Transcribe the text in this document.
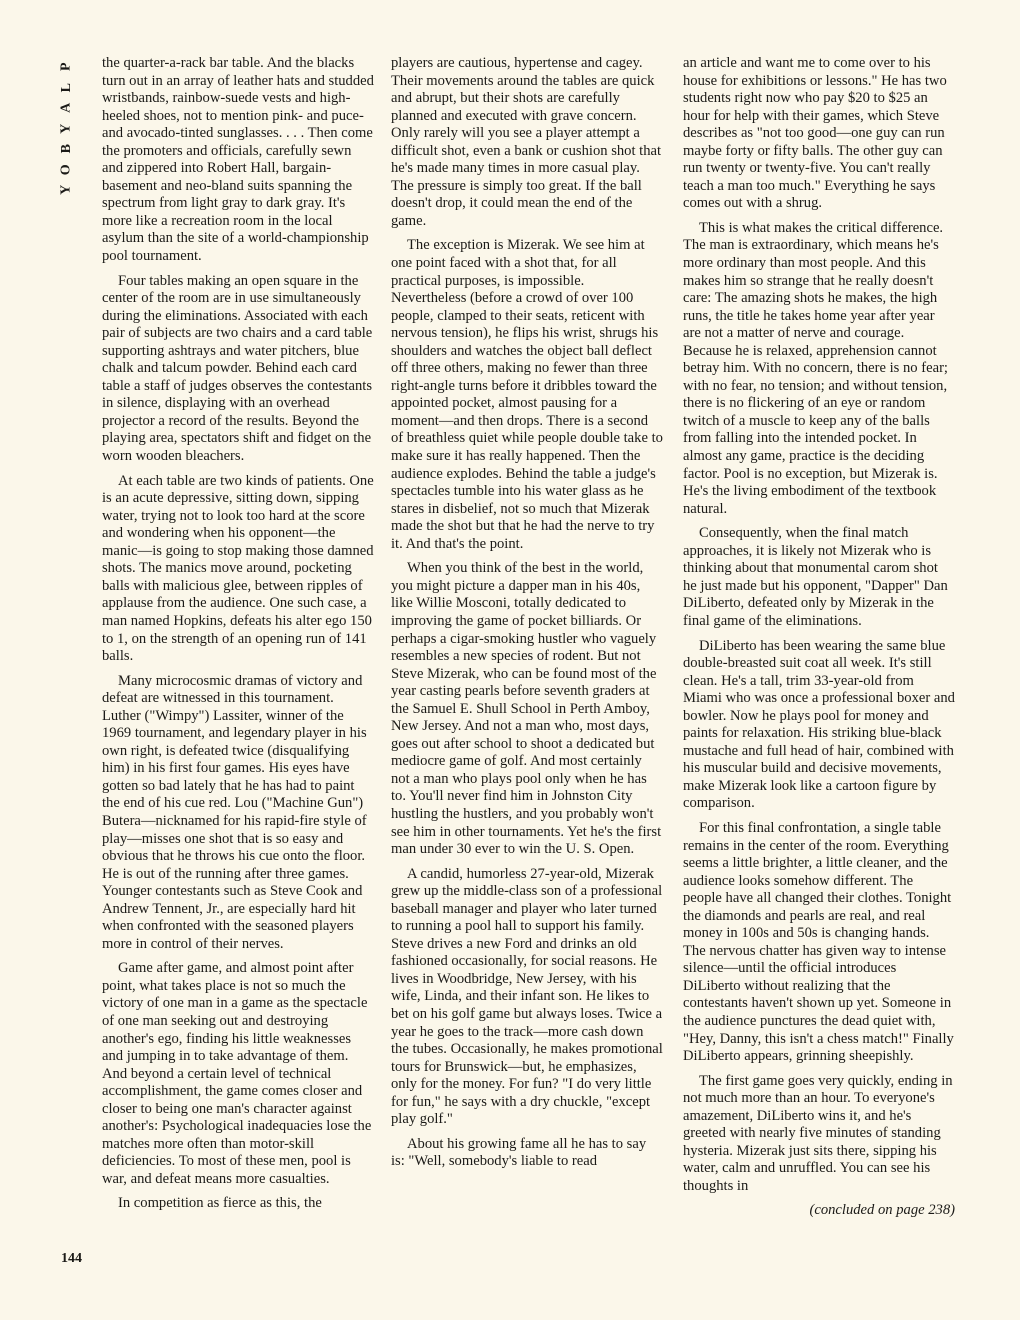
P
L
A
Y
B
O
Y
144

the quarter-a-rack bar table. And the blacks turn out in an array of leather hats and studded wristbands, rainbow-suede vests and high-heeled shoes, not to mention pink- and puce- and avocado-tinted sunglasses. . . . Then come the promoters and officials, carefully sewn and zippered into Robert Hall, bargain-basement and neo-bland suits spanning the spectrum from light gray to dark gray. It's more like a recreation room in the local asylum than the site of a world-championship pool tournament.

Four tables making an open square in the center of the room are in use simultaneously during the eliminations. Associated with each pair of subjects are two chairs and a card table supporting ashtrays and water pitchers, blue chalk and talcum powder. Behind each card table a staff of judges observes the contestants in silence, displaying with an overhead projector a record of the results. Beyond the playing area, spectators shift and fidget on the worn wooden bleachers.

At each table are two kinds of patients. One is an acute depressive, sitting down, sipping water, trying not to look too hard at the score and wondering when his opponent—the manic—is going to stop making those damned shots. The manics move around, pocketing balls with malicious glee, between ripples of applause from the audience. One such case, a man named Hopkins, defeats his alter ego 150 to 1, on the strength of an opening run of 141 balls.

Many microcosmic dramas of victory and defeat are witnessed in this tournament. Luther ("Wimpy") Lassiter, winner of the 1969 tournament, and legendary player in his own right, is defeated twice (disqualifying him) in his first four games. His eyes have gotten so bad lately that he has had to paint the end of his cue red. Lou ("Machine Gun") Butera—nicknamed for his rapid-fire style of play—misses one shot that is so easy and obvious that he throws his cue onto the floor. He is out of the running after three games. Younger contestants such as Steve Cook and Andrew Tennent, Jr., are especially hard hit when confronted with the seasoned players more in control of their nerves.

Game after game, and almost point after point, what takes place is not so much the victory of one man in a game as the spectacle of one man seeking out and destroying another's ego, finding his little weaknesses and jumping in to take advantage of them. And beyond a certain level of technical accomplishment, the game comes closer and closer to being one man's character against another's: Psychological inadequacies lose the matches more often than motor-skill deficiencies. To most of these men, pool is war, and defeat means more casualties.

In competition as fierce as this, the

players are cautious, hypertense and cagey. Their movements around the tables are quick and abrupt, but their shots are carefully planned and executed with grave concern. Only rarely will you see a player attempt a difficult shot, even a bank or cushion shot that he's made many times in more casual play. The pressure is simply too great. If the ball doesn't drop, it could mean the end of the game.

The exception is Mizerak. We see him at one point faced with a shot that, for all practical purposes, is impossible. Nevertheless (before a crowd of over 100 people, clamped to their seats, reticent with nervous tension), he flips his wrist, shrugs his shoulders and watches the object ball deflect off three others, making no fewer than three right-angle turns before it dribbles toward the appointed pocket, almost pausing for a moment—and then drops. There is a second of breathless quiet while people double take to make sure it has really happened. Then the audience explodes. Behind the table a judge's spectacles tumble into his water glass as he stares in disbelief, not so much that Mizerak made the shot but that he had the nerve to try it. And that's the point.

When you think of the best in the world, you might picture a dapper man in his 40s, like Willie Mosconi, totally dedicated to improving the game of pocket billiards. Or perhaps a cigar-smoking hustler who vaguely resembles a new species of rodent. But not Steve Mizerak, who can be found most of the year casting pearls before seventh graders at the Samuel E. Shull School in Perth Amboy, New Jersey. And not a man who, most days, goes out after school to shoot a dedicated but mediocre game of golf. And most certainly not a man who plays pool only when he has to. You'll never find him in Johnston City hustling the hustlers, and you probably won't see him in other tournaments. Yet he's the first man under 30 ever to win the U. S. Open.

A candid, humorless 27-year-old, Mizerak grew up the middle-class son of a professional baseball manager and player who later turned to running a pool hall to support his family. Steve drives a new Ford and drinks an old fashioned occasionally, for social reasons. He lives in Woodbridge, New Jersey, with his wife, Linda, and their infant son. He likes to bet on his golf game but always loses. Twice a year he goes to the track—more cash down the tubes. Occasionally, he makes promotional tours for Brunswick—but, he emphasizes, only for the money. For fun? "I do very little for fun," he says with a dry chuckle, "except play golf."

About his growing fame all he has to say is: "Well, somebody's liable to read

an article and want me to come over to his house for exhibitions or lessons." He has two students right now who pay $20 to $25 an hour for help with their games, which Steve describes as "not too good—one guy can run maybe forty or fifty balls. The other guy can run twenty or twenty-five. You can't really teach a man too much." Everything he says comes out with a shrug.

This is what makes the critical difference. The man is extraordinary, which means he's more ordinary than most people. And this makes him so strange that he really doesn't care: The amazing shots he makes, the high runs, the title he takes home year after year are not a matter of nerve and courage. Because he is relaxed, apprehension cannot betray him. With no concern, there is no fear; with no fear, no tension; and without tension, there is no flickering of an eye or random twitch of a muscle to keep any of the balls from falling into the intended pocket. In almost any game, practice is the deciding factor. Pool is no exception, but Mizerak is. He's the living embodiment of the textbook natural.

Consequently, when the final match approaches, it is likely not Mizerak who is thinking about that monumental carom shot he just made but his opponent, "Dapper" Dan DiLiberto, defeated only by Mizerak in the final game of the eliminations.

DiLiberto has been wearing the same blue double-breasted suit coat all week. It's still clean. He's a tall, trim 33-year-old from Miami who was once a professional boxer and bowler. Now he plays pool for money and paints for relaxation. His striking blue-black mustache and full head of hair, combined with his muscular build and decisive movements, make Mizerak look like a cartoon figure by comparison.

For this final confrontation, a single table remains in the center of the room. Everything seems a little brighter, a little cleaner, and the audience looks somehow different. The people have all changed their clothes. Tonight the diamonds and pearls are real, and real money in 100s and 50s is changing hands. The nervous chatter has given way to intense silence—until the official introduces DiLiberto without realizing that the contestants haven't shown up yet. Someone in the audience punctures the dead quiet with, "Hey, Danny, this isn't a chess match!" Finally DiLiberto appears, grinning sheepishly.

The first game goes very quickly, ending in not much more than an hour. To everyone's amazement, DiLiberto wins it, and he's greeted with nearly five minutes of standing hysteria. Mizerak just sits there, sipping his water, calm and unruffled. You can see his thoughts in

(concluded on page 238)
